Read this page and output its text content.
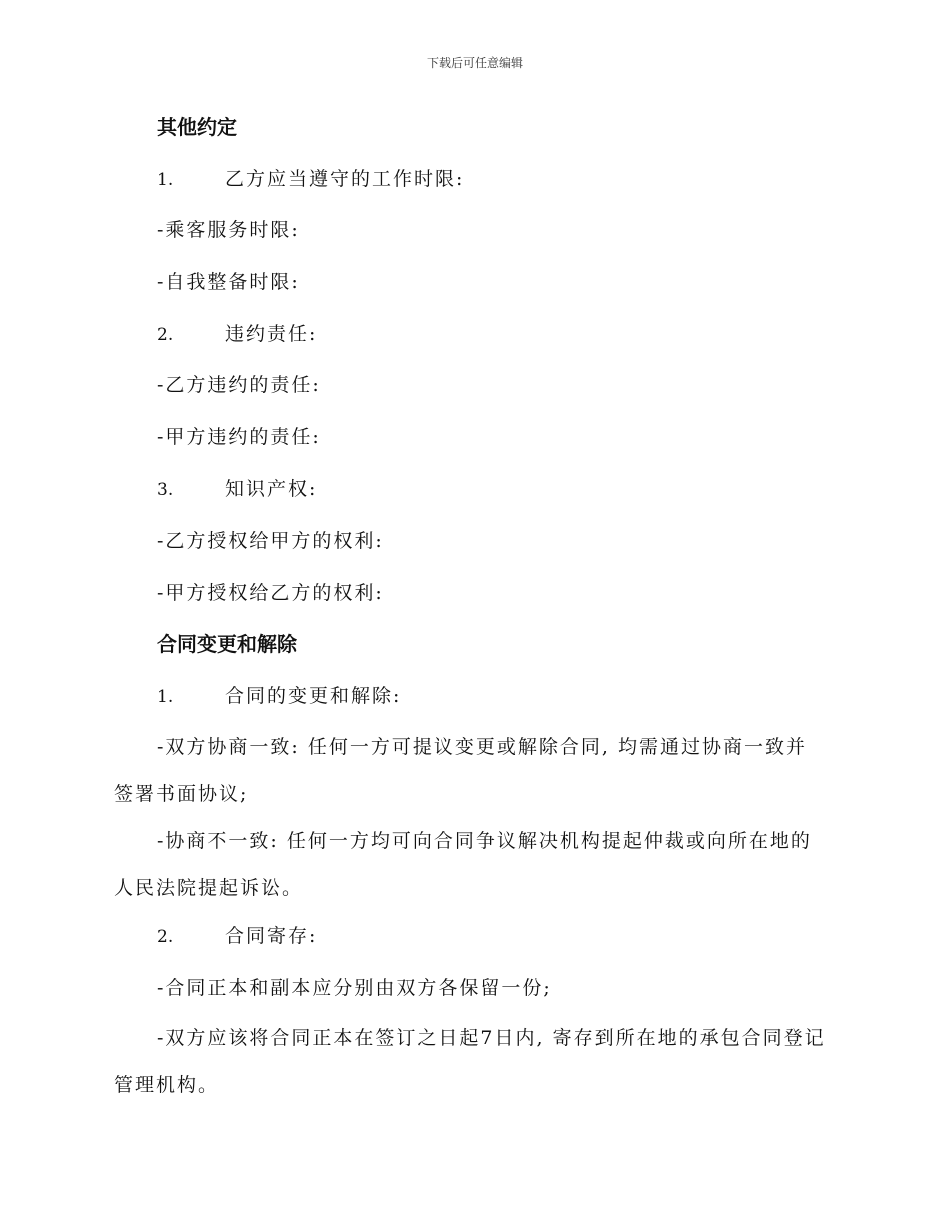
下载后可任意编辑
其他约定
1.	乙方应当遵守的工作时限:
-乘客服务时限:
-自我整备时限:
2.	违约责任:
-乙方违约的责任:
-甲方违约的责任:
3.	知识产权:
-乙方授权给甲方的权利:
-甲方授权给乙方的权利:
合同变更和解除
1.	合同的变更和解除:
-双方协商一致: 任何一方可提议变更或解除合同, 均需通过协商一致并签署书面协议;
-协商不一致: 任何一方均可向合同争议解决机构提起仲裁或向所在地的人民法院提起诉讼。
2.	合同寄存:
-合同正本和副本应分别由双方各保留一份;
-双方应该将合同正本在签订之日起7日内, 寄存到所在地的承包合同登记管理机构。
